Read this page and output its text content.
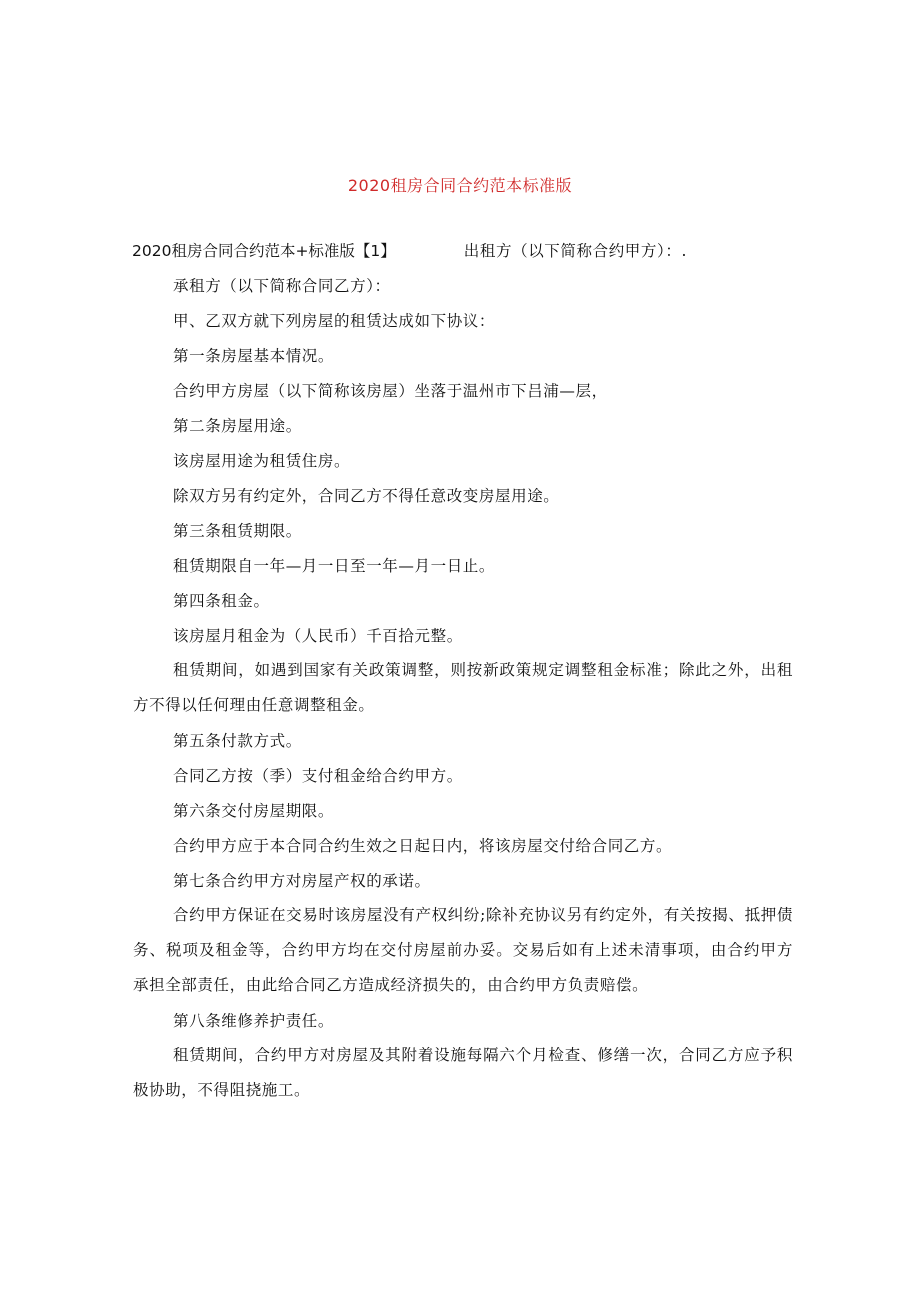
2020租房合同合约范本标准版
2020租房合同合约范本+标准版【1】	出租方（以下简称合约甲方）：.
承租方（以下简称合同乙方）：
甲、乙双方就下列房屋的租赁达成如下协议：
第一条房屋基本情况。
合约甲方房屋（以下简称该房屋）坐落于温州市下吕浦—层，
第二条房屋用途。
该房屋用途为租赁住房。
除双方另有约定外，合同乙方不得任意改变房屋用途。
第三条租赁期限。
租赁期限自一年—月一日至一年—月一日止。
第四条租金。
该房屋月租金为（人民币）千百拾元整。
租赁期间，如遇到国家有关政策调整，则按新政策规定调整租金标准；除此之外，出租方不得以任何理由任意调整租金。
第五条付款方式。
合同乙方按（季）支付租金给合约甲方。
第六条交付房屋期限。
合约甲方应于本合同合约生效之日起日内，将该房屋交付给合同乙方。
第七条合约甲方对房屋产权的承诺。
合约甲方保证在交易时该房屋没有产权纠纷;除补充协议另有约定外，有关按揭、抵押债务、税项及租金等，合约甲方均在交付房屋前办妥。交易后如有上述未清事项，由合约甲方承担全部责任，由此给合同乙方造成经济损失的，由合约甲方负责赔偿。
第八条维修养护责任。
租赁期间，合约甲方对房屋及其附着设施每隔六个月检查、修缮一次，合同乙方应予积极协助，不得阻挠施工。
